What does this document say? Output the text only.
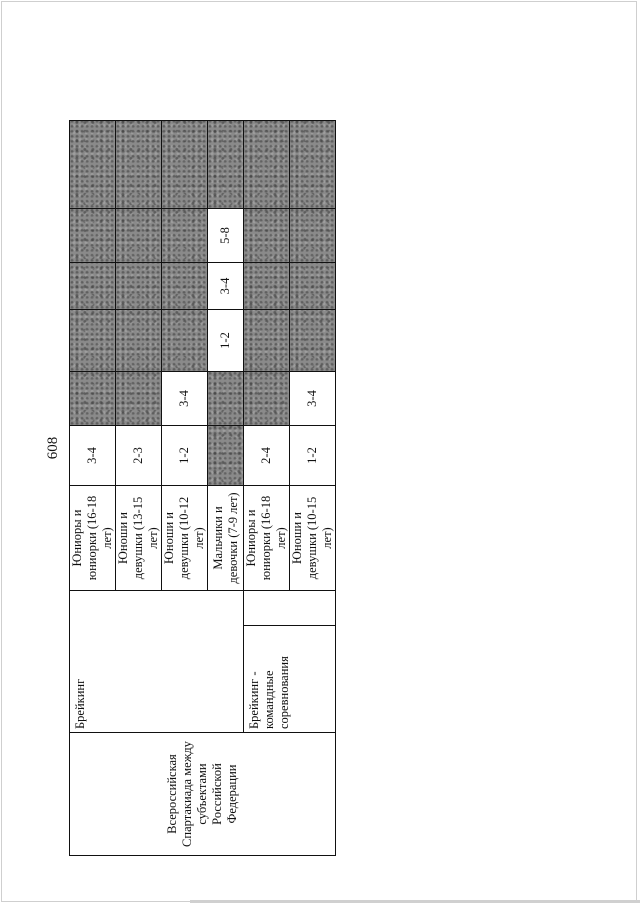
608
Всероссийская Спартакиада между субъектами Российской Федерации	Брейкинг		Юниоры и юниорки (16-18 лет)	3-4					
			Юноши и девушки (13-15 лет)	2-3					
			Юноши и девушки (10-12 лет)	1-2	3-4				
			Мальчики и девочки (7-9 лет)			1-2	3-4	5-8	
	Брейкинг - командные соревнования		Юниоры и юниорки (16-18 лет)	2-4					
			Юноши и девушки (10-15 лет)	1-2	3-4				
